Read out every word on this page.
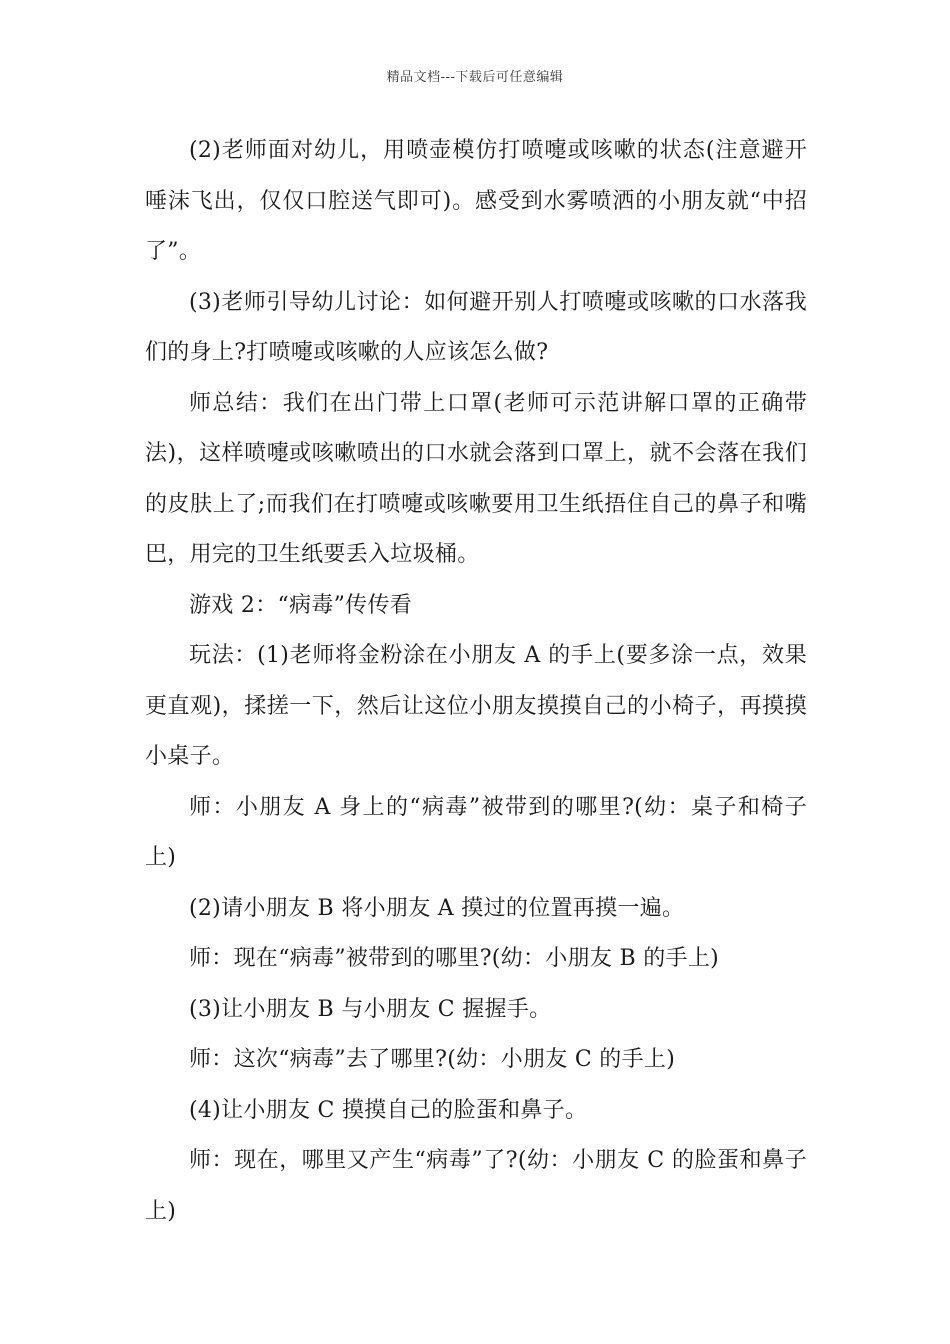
精品文档---下载后可任意编辑

(2)老师面对幼儿，用喷壶模仿打喷嚏或咳嗽的状态(注意避开唾沫飞出，仅仅口腔送气即可)。感受到水雾喷洒的小朋友就“中招了”。

(3)老师引导幼儿讨论：如何避开别人打喷嚏或咳嗽的口水落我们的身上?打喷嚏或咳嗽的人应该怎么做?

师总结：我们在出门带上口罩(老师可示范讲解口罩的正确带法)，这样喷嚏或咳嗽喷出的口水就会落到口罩上，就不会落在我们的皮肤上了;而我们在打喷嚏或咳嗽要用卫生纸捂住自己的鼻子和嘴巴，用完的卫生纸要丢入垃圾桶。

游戏 2：“病毒”传传看

玩法：(1)老师将金粉涂在小朋友 A 的手上(要多涂一点，效果更直观)，揉搓一下，然后让这位小朋友摸摸自己的小椅子，再摸摸小桌子。

师：小朋友 A 身上的“病毒”被带到的哪里?(幼：桌子和椅子上)

(2)请小朋友 B 将小朋友 A 摸过的位置再摸一遍。

师：现在“病毒”被带到的哪里?(幼：小朋友 B 的手上)

(3)让小朋友 B 与小朋友 C 握握手。

师：这次“病毒”去了哪里?(幼：小朋友 C 的手上)

(4)让小朋友 C 摸摸自己的脸蛋和鼻子。

师：现在，哪里又产生“病毒”了?(幼：小朋友 C 的脸蛋和鼻子上)
